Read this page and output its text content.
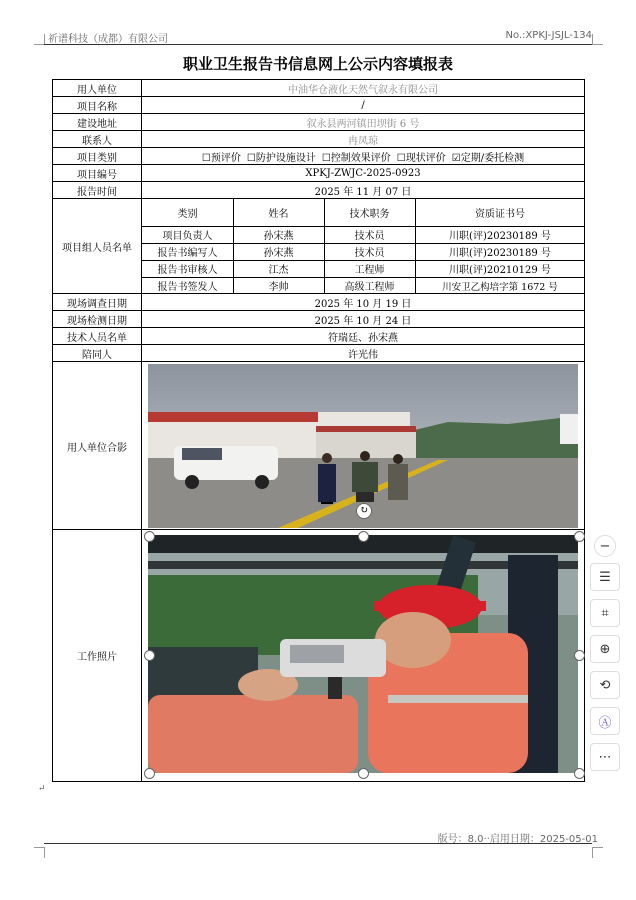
祈谱科技（成都）有限公司	No.:XPKJ-JSJL-134
职业卫生报告书信息网上公示内容填报表
用人单位	中油华仓液化天然气叙永有限公司
项目名称	/
建设地址	叙永县两河镇田坝街 6 号
联系人	冉凤琼
项目类别	☐预评价 ☐防护设施设计 ☐控制效果评价 ☐现状评价 ☑定期/委托检测
项目编号	XPKJ-ZWJC-2025-0923
报告时间	2025 年 11 月 07 日
项目组人员名单
类别	姓名	技术职务	资质证书号
项目负责人	孙宋燕	技术员	川职(评)20230189 号
报告书编写人	孙宋燕	技术员	川职(评)20230189 号
报告书审核人	江杰	工程师	川职(评)20210129 号
报告书签发人	李帅	高级工程师	川安卫乙构培字第 1672 号
现场调查日期	2025 年 10 月 19 日
现场检测日期	2025 年 10 月 24 日
技术人员名单	符瑞廷、孙宋燕
陪同人	许光伟
用人单位合影
工作照片
↻
−
☰
⌗
⊕
⟲
Ⓐ
⋯
↵
版号：8.0··启用日期：2025-05-01
